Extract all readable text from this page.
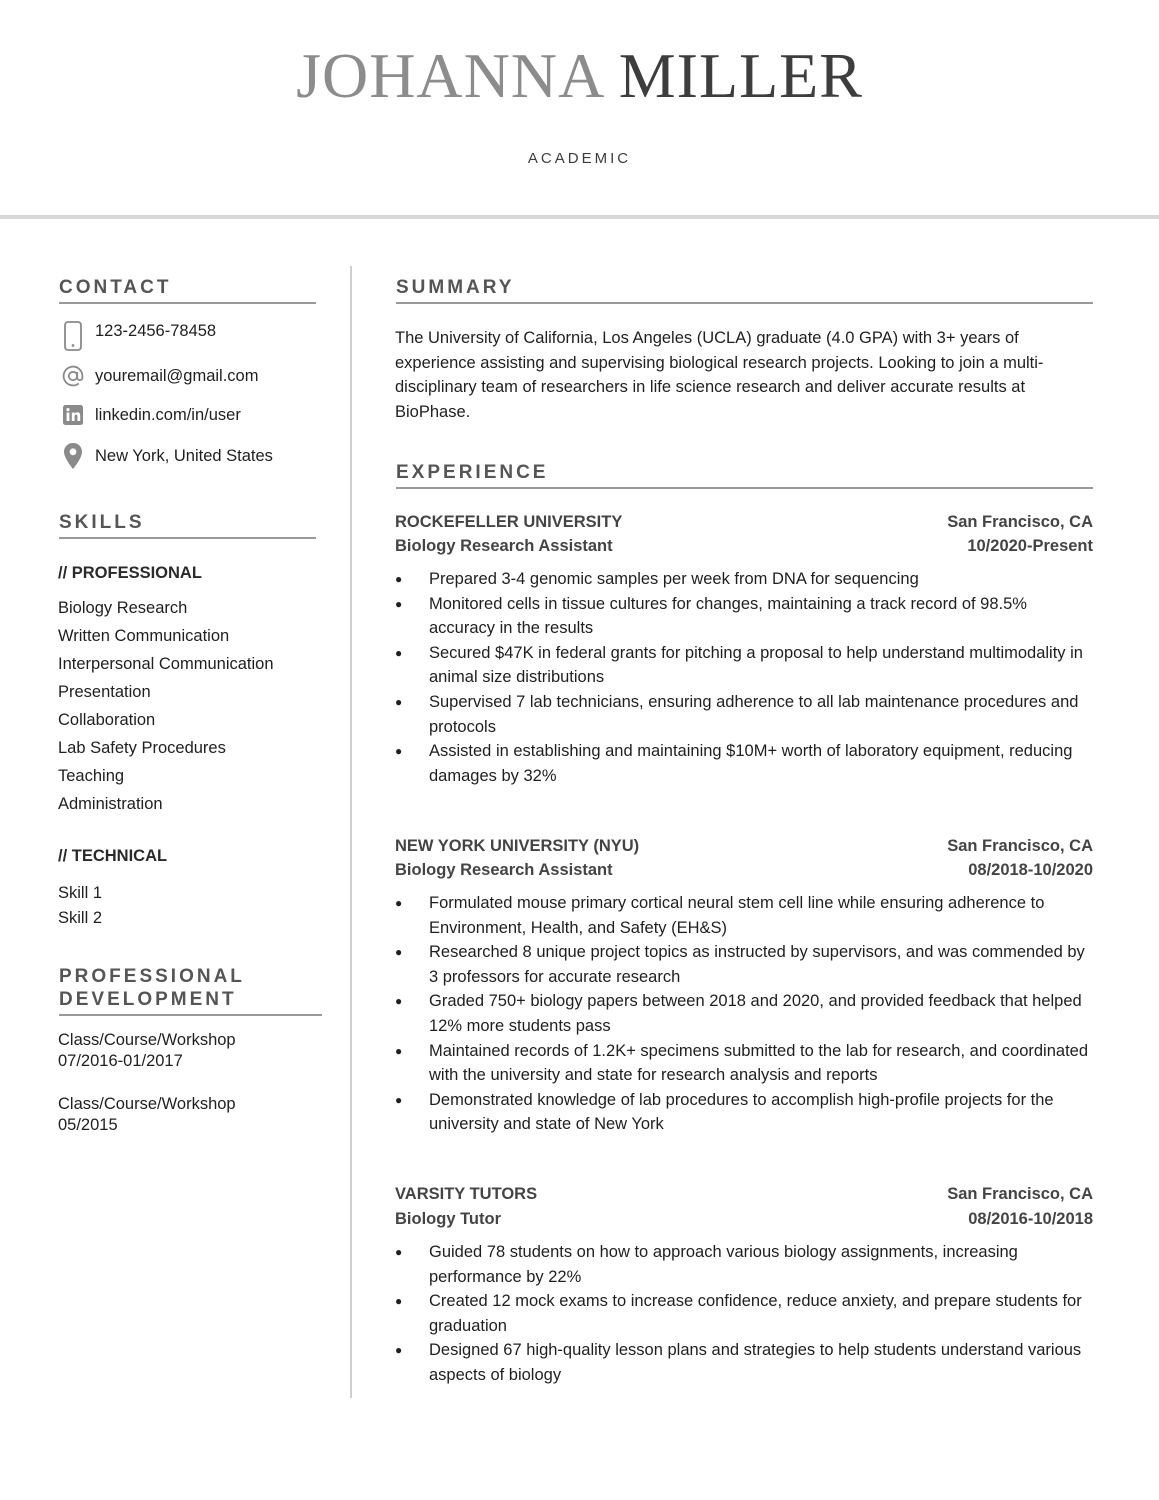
JOHANNA MILLER
ACADEMIC
CONTACT
123-2456-78458
youremail@gmail.com
linkedin.com/in/user
New York, United States
SKILLS
// PROFESSIONAL
Biology Research
Written Communication
Interpersonal Communication
Presentation
Collaboration
Lab Safety Procedures
Teaching
Administration
// TECHNICAL
Skill 1
Skill 2
PROFESSIONAL
DEVELOPMENT
Class/Course/Workshop
07/2016-01/2017
Class/Course/Workshop
05/2015
SUMMARY
The University of California, Los Angeles (UCLA) graduate (4.0 GPA) with 3+ years of experience assisting and supervising biological research projects. Looking to join a multi-disciplinary team of researchers in life science research and deliver accurate results at BioPhase.
EXPERIENCE
ROCKEFELLER UNIVERSITY	San Francisco, CA
Biology Research Assistant	10/2020-Present
● Prepared 3-4 genomic samples per week from DNA for sequencing
● Monitored cells in tissue cultures for changes, maintaining a track record of 98.5% accuracy in the results
● Secured $47K in federal grants for pitching a proposal to help understand multimodality in animal size distributions
● Supervised 7 lab technicians, ensuring adherence to all lab maintenance procedures and protocols
● Assisted in establishing and maintaining $10M+ worth of laboratory equipment, reducing damages by 32%
NEW YORK UNIVERSITY (NYU)	San Francisco, CA
Biology Research Assistant	08/2018-10/2020
● Formulated mouse primary cortical neural stem cell line while ensuring adherence to Environment, Health, and Safety (EH&S)
● Researched 8 unique project topics as instructed by supervisors, and was commended by 3 professors for accurate research
● Graded 750+ biology papers between 2018 and 2020, and provided feedback that helped 12% more students pass
● Maintained records of 1.2K+ specimens submitted to the lab for research, and coordinated with the university and state for research analysis and reports
● Demonstrated knowledge of lab procedures to accomplish high-profile projects for the university and state of New York
VARSITY TUTORS	San Francisco, CA
Biology Tutor	08/2016-10/2018
● Guided 78 students on how to approach various biology assignments, increasing performance by 22%
● Created 12 mock exams to increase confidence, reduce anxiety, and prepare students for graduation
● Designed 67 high-quality lesson plans and strategies to help students understand various aspects of biology
